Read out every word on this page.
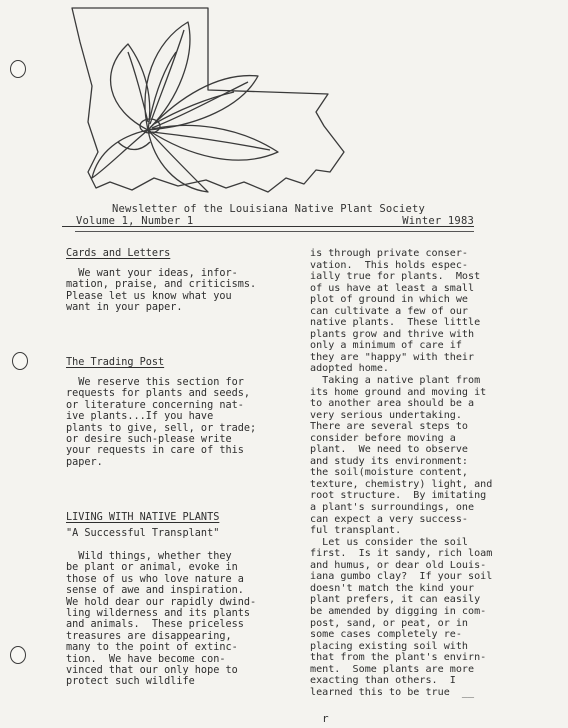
Newsletter of the Louisiana Native Plant Society
Volume 1, Number 1	Winter 1983
Cards and Letters
We want your ideas, infor-
mation, praise, and criticisms.
Please let us know what you
want in your paper.
The Trading Post
We reserve this section for
requests for plants and seeds,
or literature concerning nat-
ive plants...If you have
plants to give, sell, or trade;
or desire such-please write
your requests in care of this
paper.
LIVING WITH NATIVE PLANTS
"A Successful Transplant"
Wild things, whether they
be plant or animal, evoke in
those of us who love nature a
sense of awe and inspiration.
We hold dear our rapidly dwind-
ling wilderness and its plants
and animals.  These priceless
treasures are disappearing,
many to the point of extinc-
tion.  We have become con-
vinced that our only hope to
protect such wildlife
is through private conser-
vation.  This holds espec-
ially true for plants.  Most
of us have at least a small
plot of ground in which we
can cultivate a few of our
native plants.  These little
plants grow and thrive with
only a minimum of care if
they are "happy" with their
adopted home.
Taking a native plant from
its home ground and moving it
to another area should be a
very serious undertaking.
There are several steps to
consider before moving a
plant.  We need to observe
and study its environment:
the soil(moisture content,
texture, chemistry) light, and
root structure.  By imitating
a plant's surroundings, one
can expect a very success-
ful transplant.
Let us consider the soil
first.  Is it sandy, rich loam
and humus, or dear old Louis-
iana gumbo clay?  If your soil
doesn't match the kind your
plant prefers, it can easily
be amended by digging in com-
post, sand, or peat, or in
some cases completely re-
placing existing soil with
that from the plant's envirn-
ment.  Some plants are more
exacting than others.  I
learned this to be true  __
r
